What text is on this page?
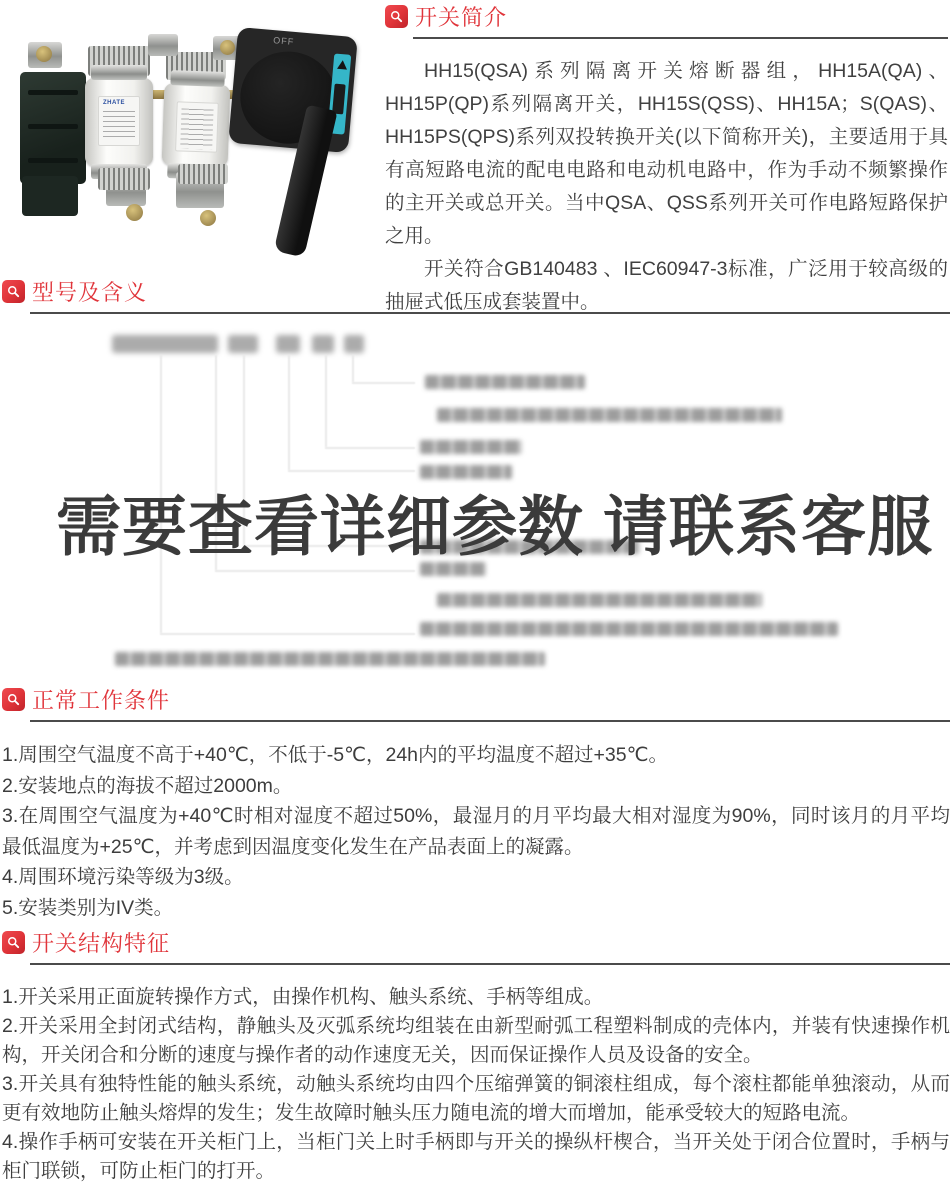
ZHATE
OFF
开关简介

HH15(QSA)系列隔离开关熔断器组，HH15A(QA)、HH15P(QP)系列隔离开关，HH15S(QSS)、HH15A；S(QAS)、HH15PS(QPS)系列双投转换开关(以下简称开关)，主要适用于具有高短路电流的配电电路和电动机电路中，作为手动不频繁操作的主开关或总开关。当中QSA、QSS系列开关可作电路短路保护之用。

开关符合GB140483 、IEC60947-3标准，广泛用于较高级的抽屉式低压成套装置中。

型号及含义
需要查看详细参数 请联系客服
正常工作条件
1.周围空气温度不高于+40℃，不低于-5℃，24h内的平均温度不超过+35℃。
2.安装地点的海拔不超过2000m。
3.在周围空气温度为+40℃时相对湿度不超过50%，最湿月的月平均最大相对湿度为90%，同时该月的月平均最低温度为+25℃，并考虑到因温度变化发生在产品表面上的凝露。
4.周围环境污染等级为3级。
5.安装类别为IV类。
开关结构特征
1.开关采用正面旋转操作方式，由操作机构、触头系统、手柄等组成。
2.开关采用全封闭式结构，静触头及灭弧系统均组装在由新型耐弧工程塑料制成的壳体内，并装有快速操作机构，开关闭合和分断的速度与操作者的动作速度无关，因而保证操作人员及设备的安全。
3.开关具有独特性能的触头系统，动触头系统均由四个压缩弹簧的铜滚柱组成，每个滚柱都能单独滚动，从而更有效地防止触头熔焊的发生；发生故障时触头压力随电流的增大而增加，能承受较大的短路电流。
4.操作手柄可安装在开关柜门上，当柜门关上时手柄即与开关的操纵杆楔合，当开关处于闭合位置时，手柄与柜门联锁，可防止柜门的打开。
